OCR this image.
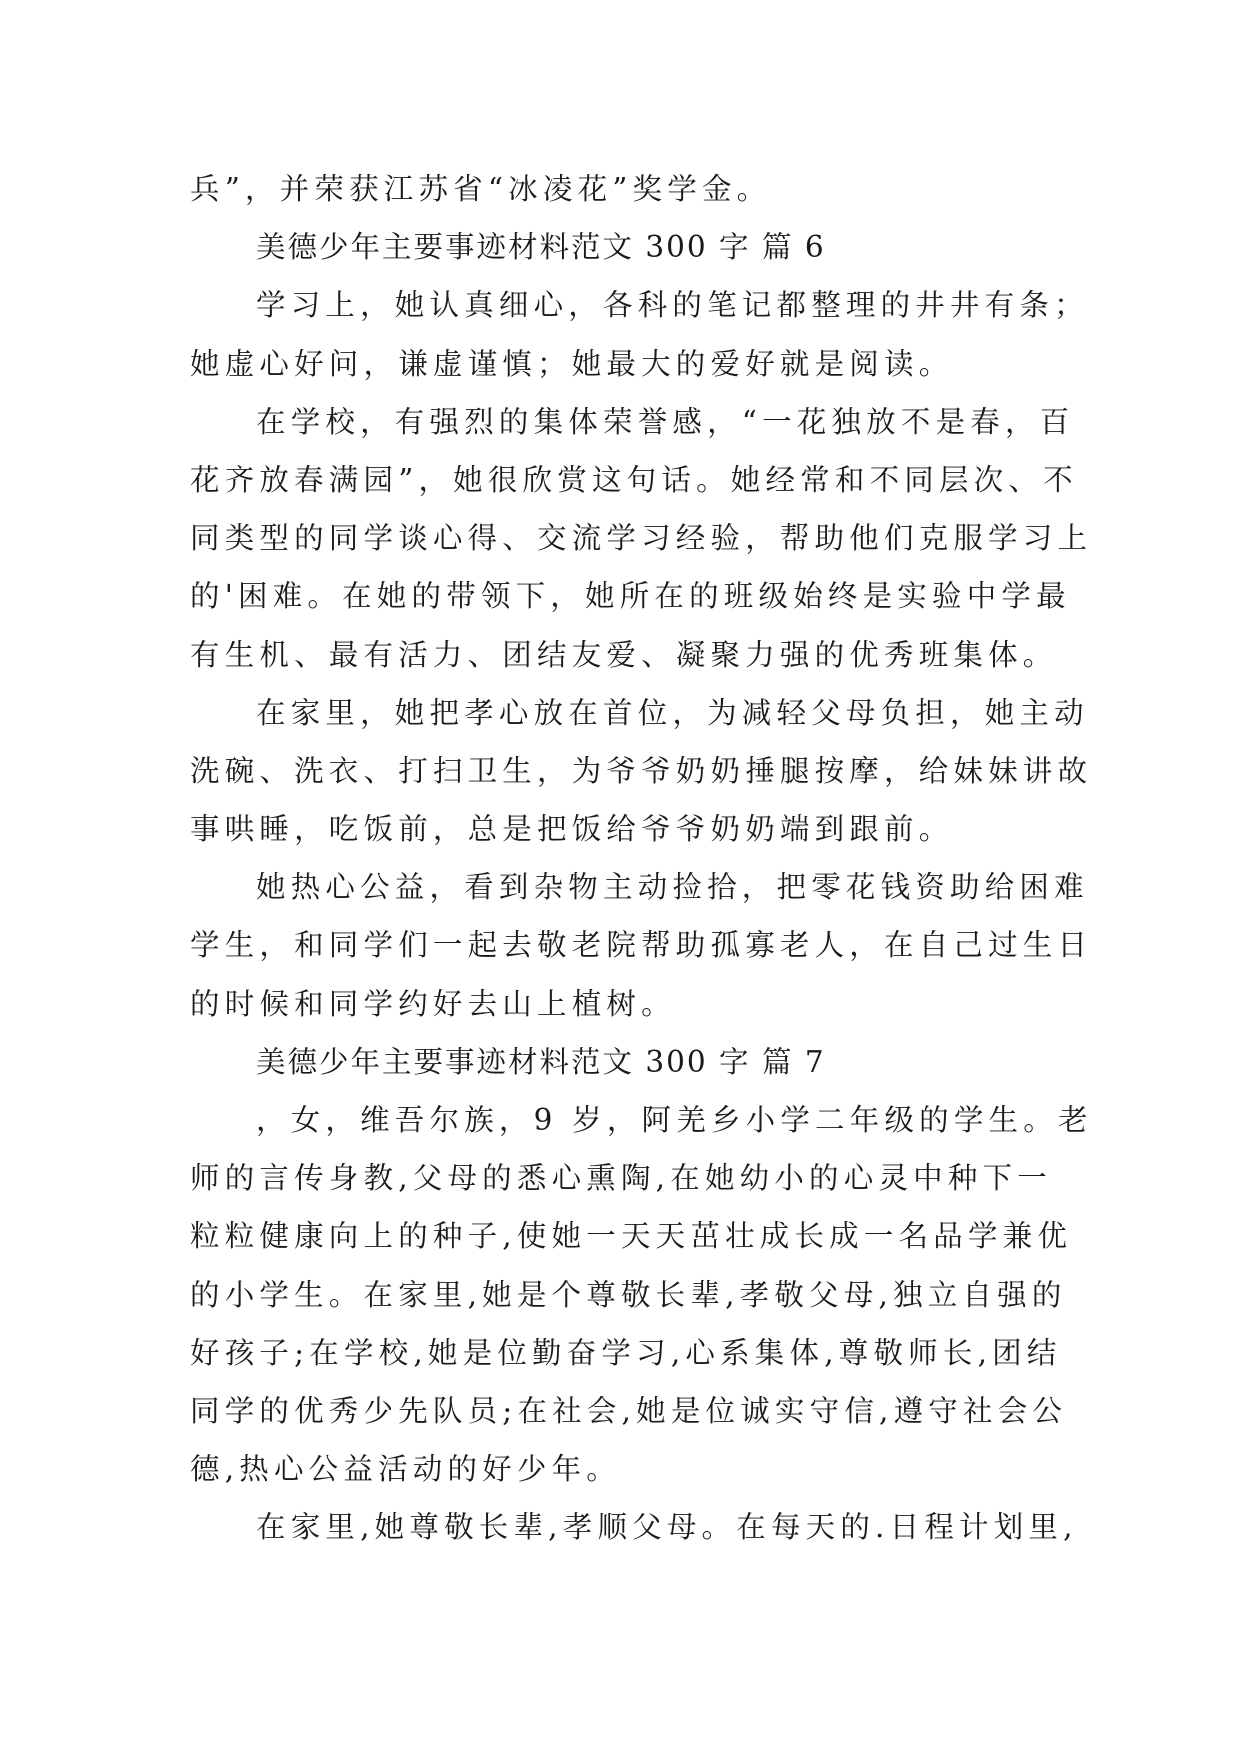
兵”，并荣获江苏省“冰凌花”奖学金。

美德少年主要事迹材料范文 300 字 篇 6

学习上，她认真细心，各科的笔记都整理的井井有条；

她虚心好问，谦虚谨慎；她最大的爱好就是阅读。

在学校，有强烈的集体荣誉感，“一花独放不是春，百

花齐放春满园”，她很欣赏这句话。她经常和不同层次、不

同类型的同学谈心得、交流学习经验，帮助他们克服学习上

的'困难。在她的带领下，她所在的班级始终是实验中学最

有生机、最有活力、团结友爱、凝聚力强的优秀班集体。

在家里，她把孝心放在首位，为减轻父母负担，她主动

洗碗、洗衣、打扫卫生，为爷爷奶奶捶腿按摩，给妹妹讲故

事哄睡，吃饭前，总是把饭给爷爷奶奶端到跟前。

她热心公益，看到杂物主动捡拾，把零花钱资助给困难

学生，和同学们一起去敬老院帮助孤寡老人，在自己过生日

的时候和同学约好去山上植树。

美德少年主要事迹材料范文 300 字 篇 7

，女，维吾尔族，9 岁，阿羌乡小学二年级的学生。老

师的言传身教,父母的悉心熏陶,在她幼小的心灵中种下一

粒粒健康向上的种子,使她一天天茁壮成长成一名品学兼优

的小学生。在家里,她是个尊敬长辈,孝敬父母,独立自强的

好孩子;在学校,她是位勤奋学习,心系集体,尊敬师长,团结

同学的优秀少先队员;在社会,她是位诚实守信,遵守社会公

德,热心公益活动的好少年。

在家里,她尊敬长辈,孝顺父母。在每天的.日程计划里,
